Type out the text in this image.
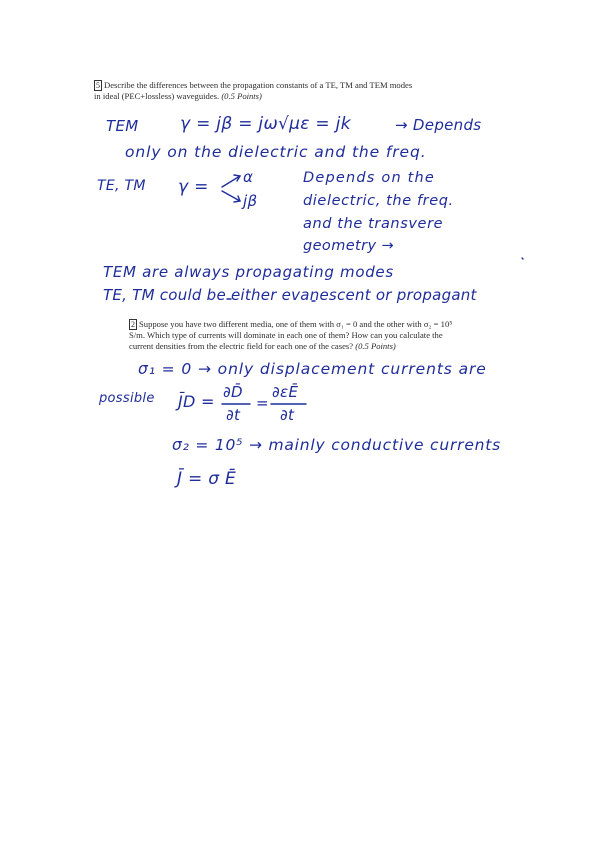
5 Describe the differences between the propagation constants of a TE, TM and TEM modes
in ideal (PEC+lossless) waveguides. (0.5 Points)
TEM γ = jβ = jω√με = jk	→ Depends
only on the dielectric and the freq.
TE, TM γ = α
jβ
Depends on the
dielectric, the freq.
and the transvere
geometry →
TEM are always propagating modes
TE, TM could be either evanescent or propagant
2 Suppose you have two different media, one of them with σ₁ = 0 and the other with σ₂ = 10⁵
S/m. Which type of currents will dominate in each one of them? How can you calculate the
current densities from the electric field for each one of the cases? (0.5 Points)
σ₁ = 0 → only displacement currents are
possible J̄D = ∂D̄
∂t
=
∂εĒ
∂t
σ₂ = 10⁵ → mainly conductive currents
J̄ = σ Ē
